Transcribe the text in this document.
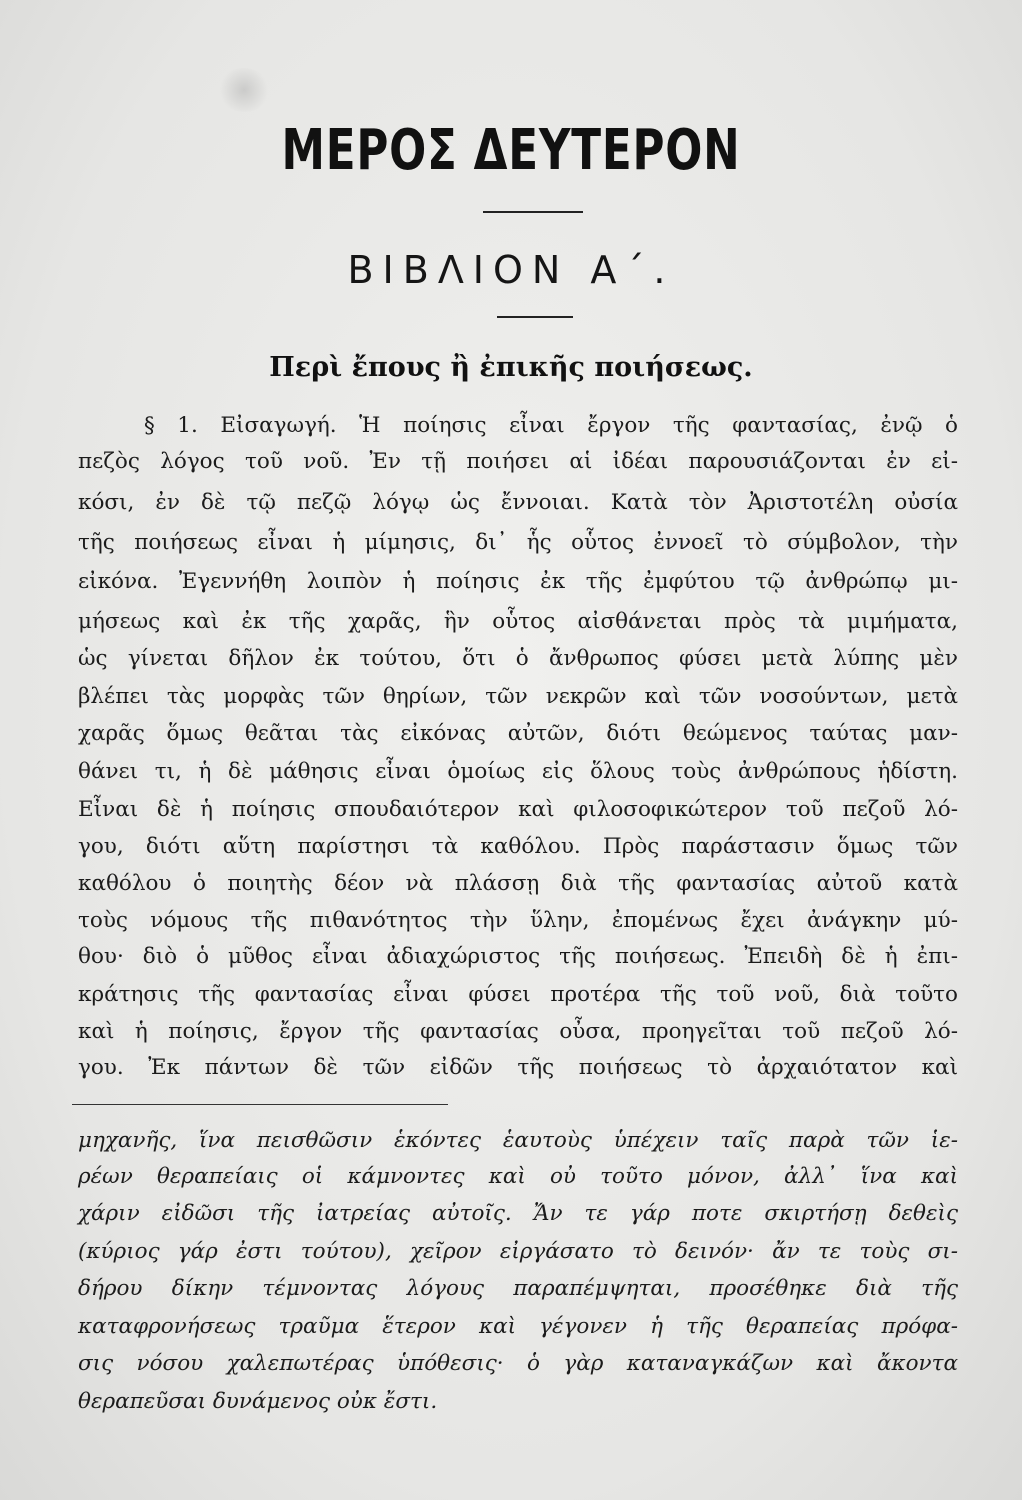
ΜΕΡΟΣ ΔΕΥΤΕΡΟΝ
ΒΙΒΛΙΟΝ Α΄.
Περὶ ἔπους ἢ ἐπικῆς ποιήσεως.
§ 1. Εἰσαγωγή. Ἡ ποίησις εἶναι ἔργον τῆς φαντασίας, ἐνῷ ὁ
πεζὸς λόγος τοῦ νοῦ. Ἐν τῇ ποιήσει αἱ ἰδέαι παρουσιάζονται ἐν εἰ-
κόσι, ἐν δὲ τῷ πεζῷ λόγῳ ὡς ἔννοιαι. Κατὰ τὸν Ἀριστοτέλη οὐσία
τῆς ποιήσεως εἶναι ἡ μίμησις, δι᾿ ἧς οὗτος ἐννοεῖ τὸ σύμβολον, τὴν
εἰκόνα. Ἐγεννήθη λοιπὸν ἡ ποίησις ἐκ τῆς ἐμφύτου τῷ ἀνθρώπῳ μι-
μήσεως καὶ ἐκ τῆς χαρᾶς, ἣν οὗτος αἰσθάνεται πρὸς τὰ μιμήματα,
ὡς γίνεται δῆλον ἐκ τούτου, ὅτι ὁ ἄνθρωπος φύσει μετὰ λύπης μὲν
βλέπει τὰς μορφὰς τῶν θηρίων, τῶν νεκρῶν καὶ τῶν νοσούντων, μετὰ
χαρᾶς ὅμως θεᾶται τὰς εἰκόνας αὐτῶν, διότι θεώμενος ταύτας μαν-
θάνει τι, ἡ δὲ μάθησις εἶναι ὁμοίως εἰς ὅλους τοὺς ἀνθρώπους ἡδίστη.
Εἶναι δὲ ἡ ποίησις σπουδαιότερον καὶ φιλοσοφικώτερον τοῦ πεζοῦ λό-
γου, διότι αὕτη παρίστησι τὰ καθόλου. Πρὸς παράστασιν ὅμως τῶν
καθόλου ὁ ποιητὴς δέον νὰ πλάσσῃ διὰ τῆς φαντασίας αὐτοῦ κατὰ
τοὺς νόμους τῆς πιθανότητος τὴν ὕλην, ἐπομένως ἔχει ἀνάγκην μύ-
θου· διὸ ὁ μῦθος εἶναι ἀδιαχώριστος τῆς ποιήσεως. Ἐπειδὴ δὲ ἡ ἐπι-
κράτησις τῆς φαντασίας εἶναι φύσει προτέρα τῆς τοῦ νοῦ, διὰ τοῦτο
καὶ ἡ ποίησις, ἔργον τῆς φαντασίας οὖσα, προηγεῖται τοῦ πεζοῦ λό-
γου. Ἐκ πάντων δὲ τῶν εἰδῶν τῆς ποιήσεως τὸ ἀρχαιότατον καὶ
μηχανῆς, ἵνα πεισθῶσιν ἑκόντες ἑαυτοὺς ὑπέχειν ταῖς παρὰ τῶν ἱε-
ρέων θεραπείαις οἱ κάμνοντες καὶ οὐ τοῦτο μόνον, ἀλλ᾿ ἵνα καὶ
χάριν εἰδῶσι τῆς ἰατρείας αὐτοῖς. Ἄν τε γάρ ποτε σκιρτήσῃ δεθεὶς
(κύριος γάρ ἐστι τούτου), χεῖρον εἰργάσατο τὸ δεινόν· ἄν τε τοὺς σι-
δήρου δίκην τέμνοντας λόγους παραπέμψηται, προσέθηκε διὰ τῆς
καταφρονήσεως τραῦμα ἕτερον καὶ γέγονεν ἡ τῆς θεραπείας πρόφα-
σις νόσου χαλεπωτέρας ὑπόθεσις· ὁ γὰρ καταναγκάζων καὶ ἄκοντα
θεραπεῦσαι δυνάμενος οὐκ ἔστι.
